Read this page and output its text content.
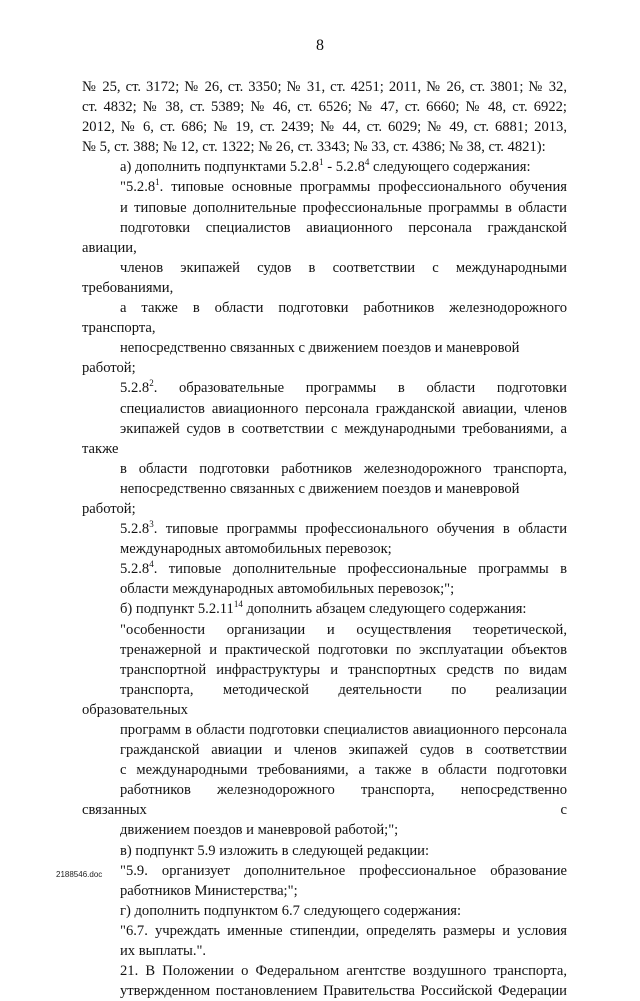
8

№ 25, ст. 3172; № 26, ст. 3350; № 31, ст. 4251; 2011, № 26, ст. 3801; № 32,
ст. 4832; № 38, ст. 5389; № 46, ст. 6526; № 47, ст. 6660; № 48, ст. 6922;
2012, № 6, ст. 686; № 19, ст. 2439; № 44, ст. 6029; № 49, ст. 6881; 2013,
№ 5, ст. 388; № 12, ст. 1322; № 26, ст. 3343; № 33, ст. 4386; № 38, ст. 4821):

а) дополнить подпунктами 5.2.8$^1$ - 5.2.8$^4$ следующего содержания:

"5.2.8$^1$. типовые основные программы профессионального обучения
и типовые дополнительные профессиональные программы в области
подготовки специалистов авиационного персонала гражданской авиации,
членов экипажей судов в соответствии с международными требованиями,
а также в области подготовки работников железнодорожного транспорта,
непосредственно связанных с движением поездов и маневровой работой;

5.2.8$^2$. образовательные программы в области подготовки
специалистов авиационного персонала гражданской авиации, членов
экипажей судов в соответствии с международными требованиями, а также
в области подготовки работников железнодорожного транспорта,
непосредственно связанных с движением поездов и маневровой работой;

5.2.8$^3$. типовые программы профессионального обучения в области
международных автомобильных перевозок;

5.2.8$^4$. типовые дополнительные профессиональные программы в
области международных автомобильных перевозок;";

б) подпункт 5.2.11$^{14}$ дополнить абзацем следующего содержания:

"особенности организации и осуществления теоретической,
тренажерной и практической подготовки по эксплуатации объектов
транспортной инфраструктуры и транспортных средств по видам
транспорта, методической деятельности по реализации образовательных
программ в области подготовки специалистов авиационного персонала
гражданской авиации и членов экипажей судов в соответствии
с международными требованиями, а также в области подготовки
работников железнодорожного транспорта, непосредственно связанных с
движением поездов и маневровой работой;";

в) подпункт 5.9 изложить в следующей редакции:

"5.9. организует дополнительное профессиональное образование
работников Министерства;";

г) дополнить подпунктом 6.7 следующего содержания:

"6.7. учреждать именные стипендии, определять размеры и условия
их выплаты.".

21. В Положении о Федеральном агентстве воздушного транспорта,
утвержденном постановлением Правительства Российской Федерации

2188546.doc
